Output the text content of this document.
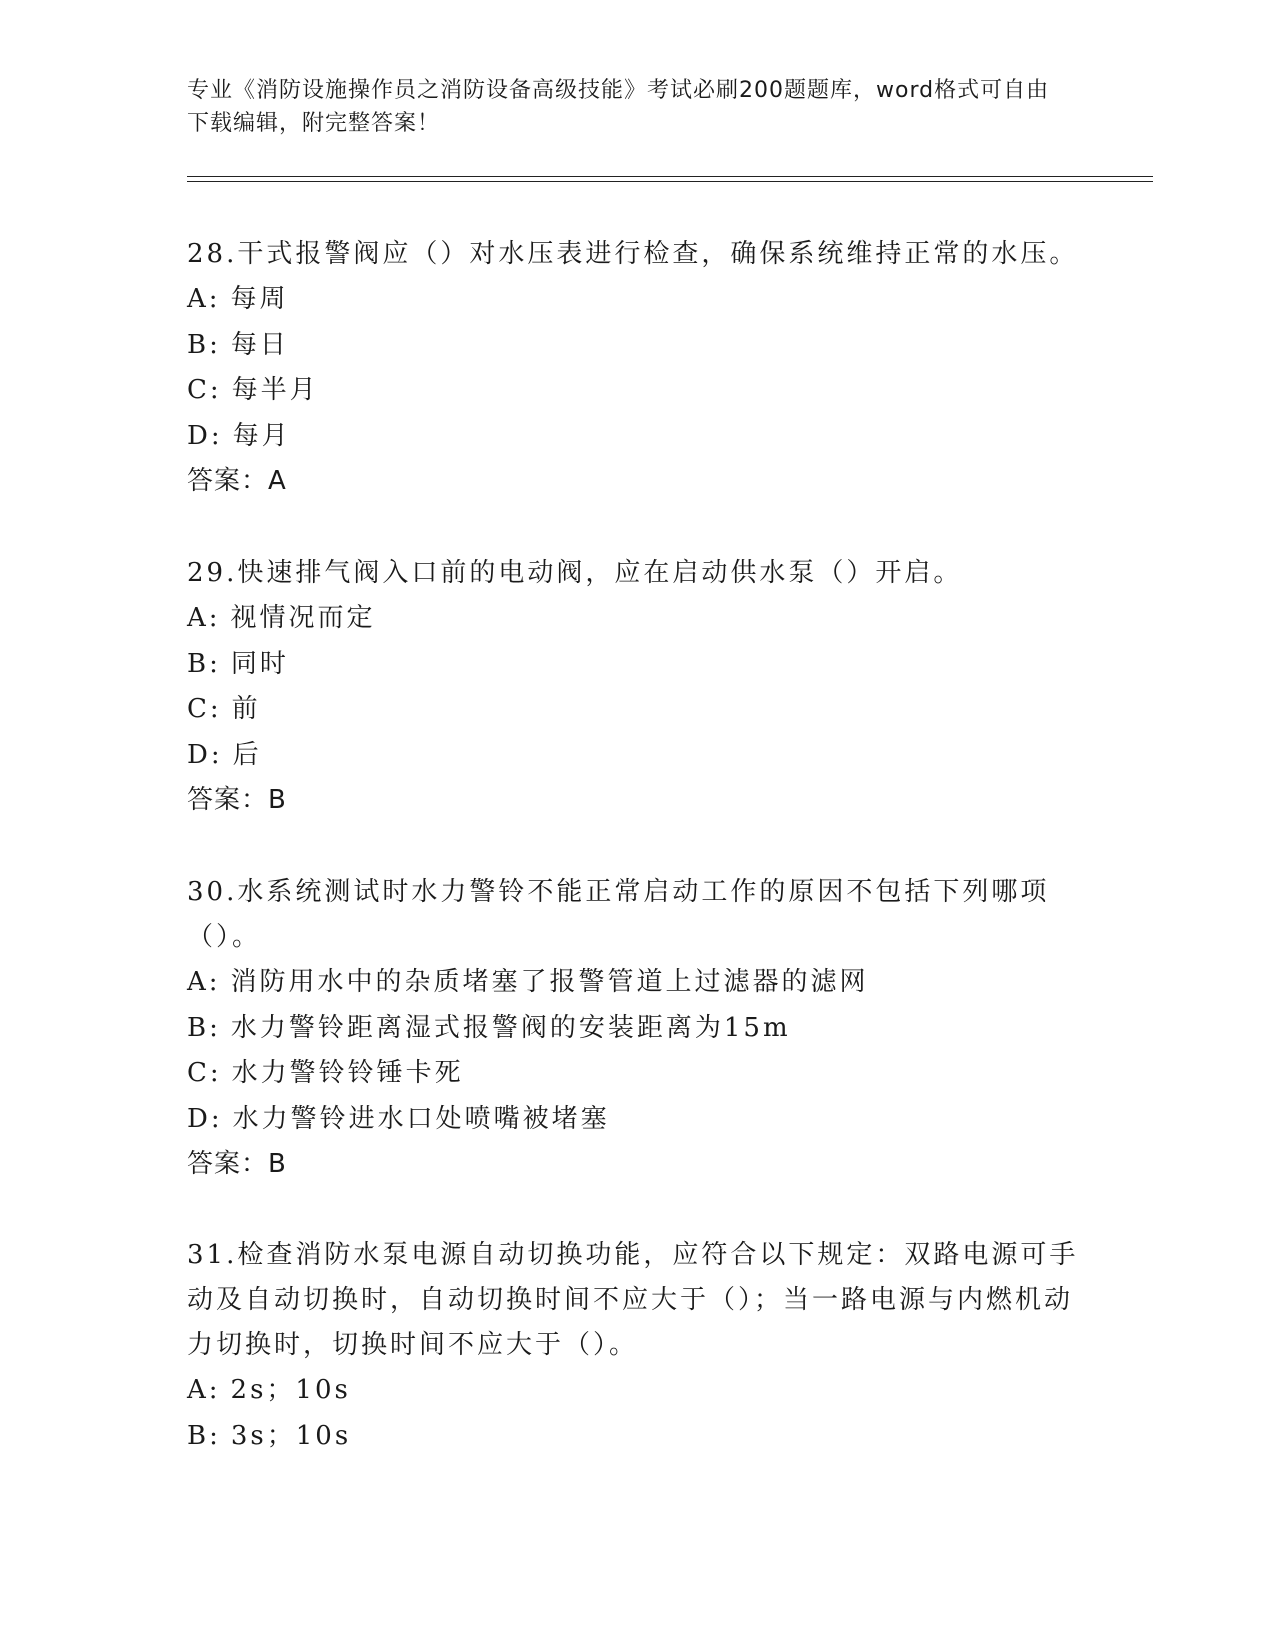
专业《消防设施操作员之消防设备高级技能》考试必刷200题题库，word格式可自由下载编辑，附完整答案！

28.干式报警阀应（）对水压表进行检查，确保系统维持正常的水压。

A: 每周

B: 每日

C: 每半月

D: 每月

答案：A

29.快速排气阀入口前的电动阀，应在启动供水泵（）开启。

A: 视情况而定

B: 同时

C: 前

D: 后

答案：B

30.水系统测试时水力警铃不能正常启动工作的原因不包括下列哪项（）。

A: 消防用水中的杂质堵塞了报警管道上过滤器的滤网

B: 水力警铃距离湿式报警阀的安装距离为15m

C: 水力警铃铃锤卡死

D: 水力警铃进水口处喷嘴被堵塞

答案：B

31.检查消防水泵电源自动切换功能，应符合以下规定：双路电源可手动及自动切换时，自动切换时间不应大于（）；当一路电源与内燃机动力切换时，切换时间不应大于（）。

A: 2s；10s

B: 3s；10s
